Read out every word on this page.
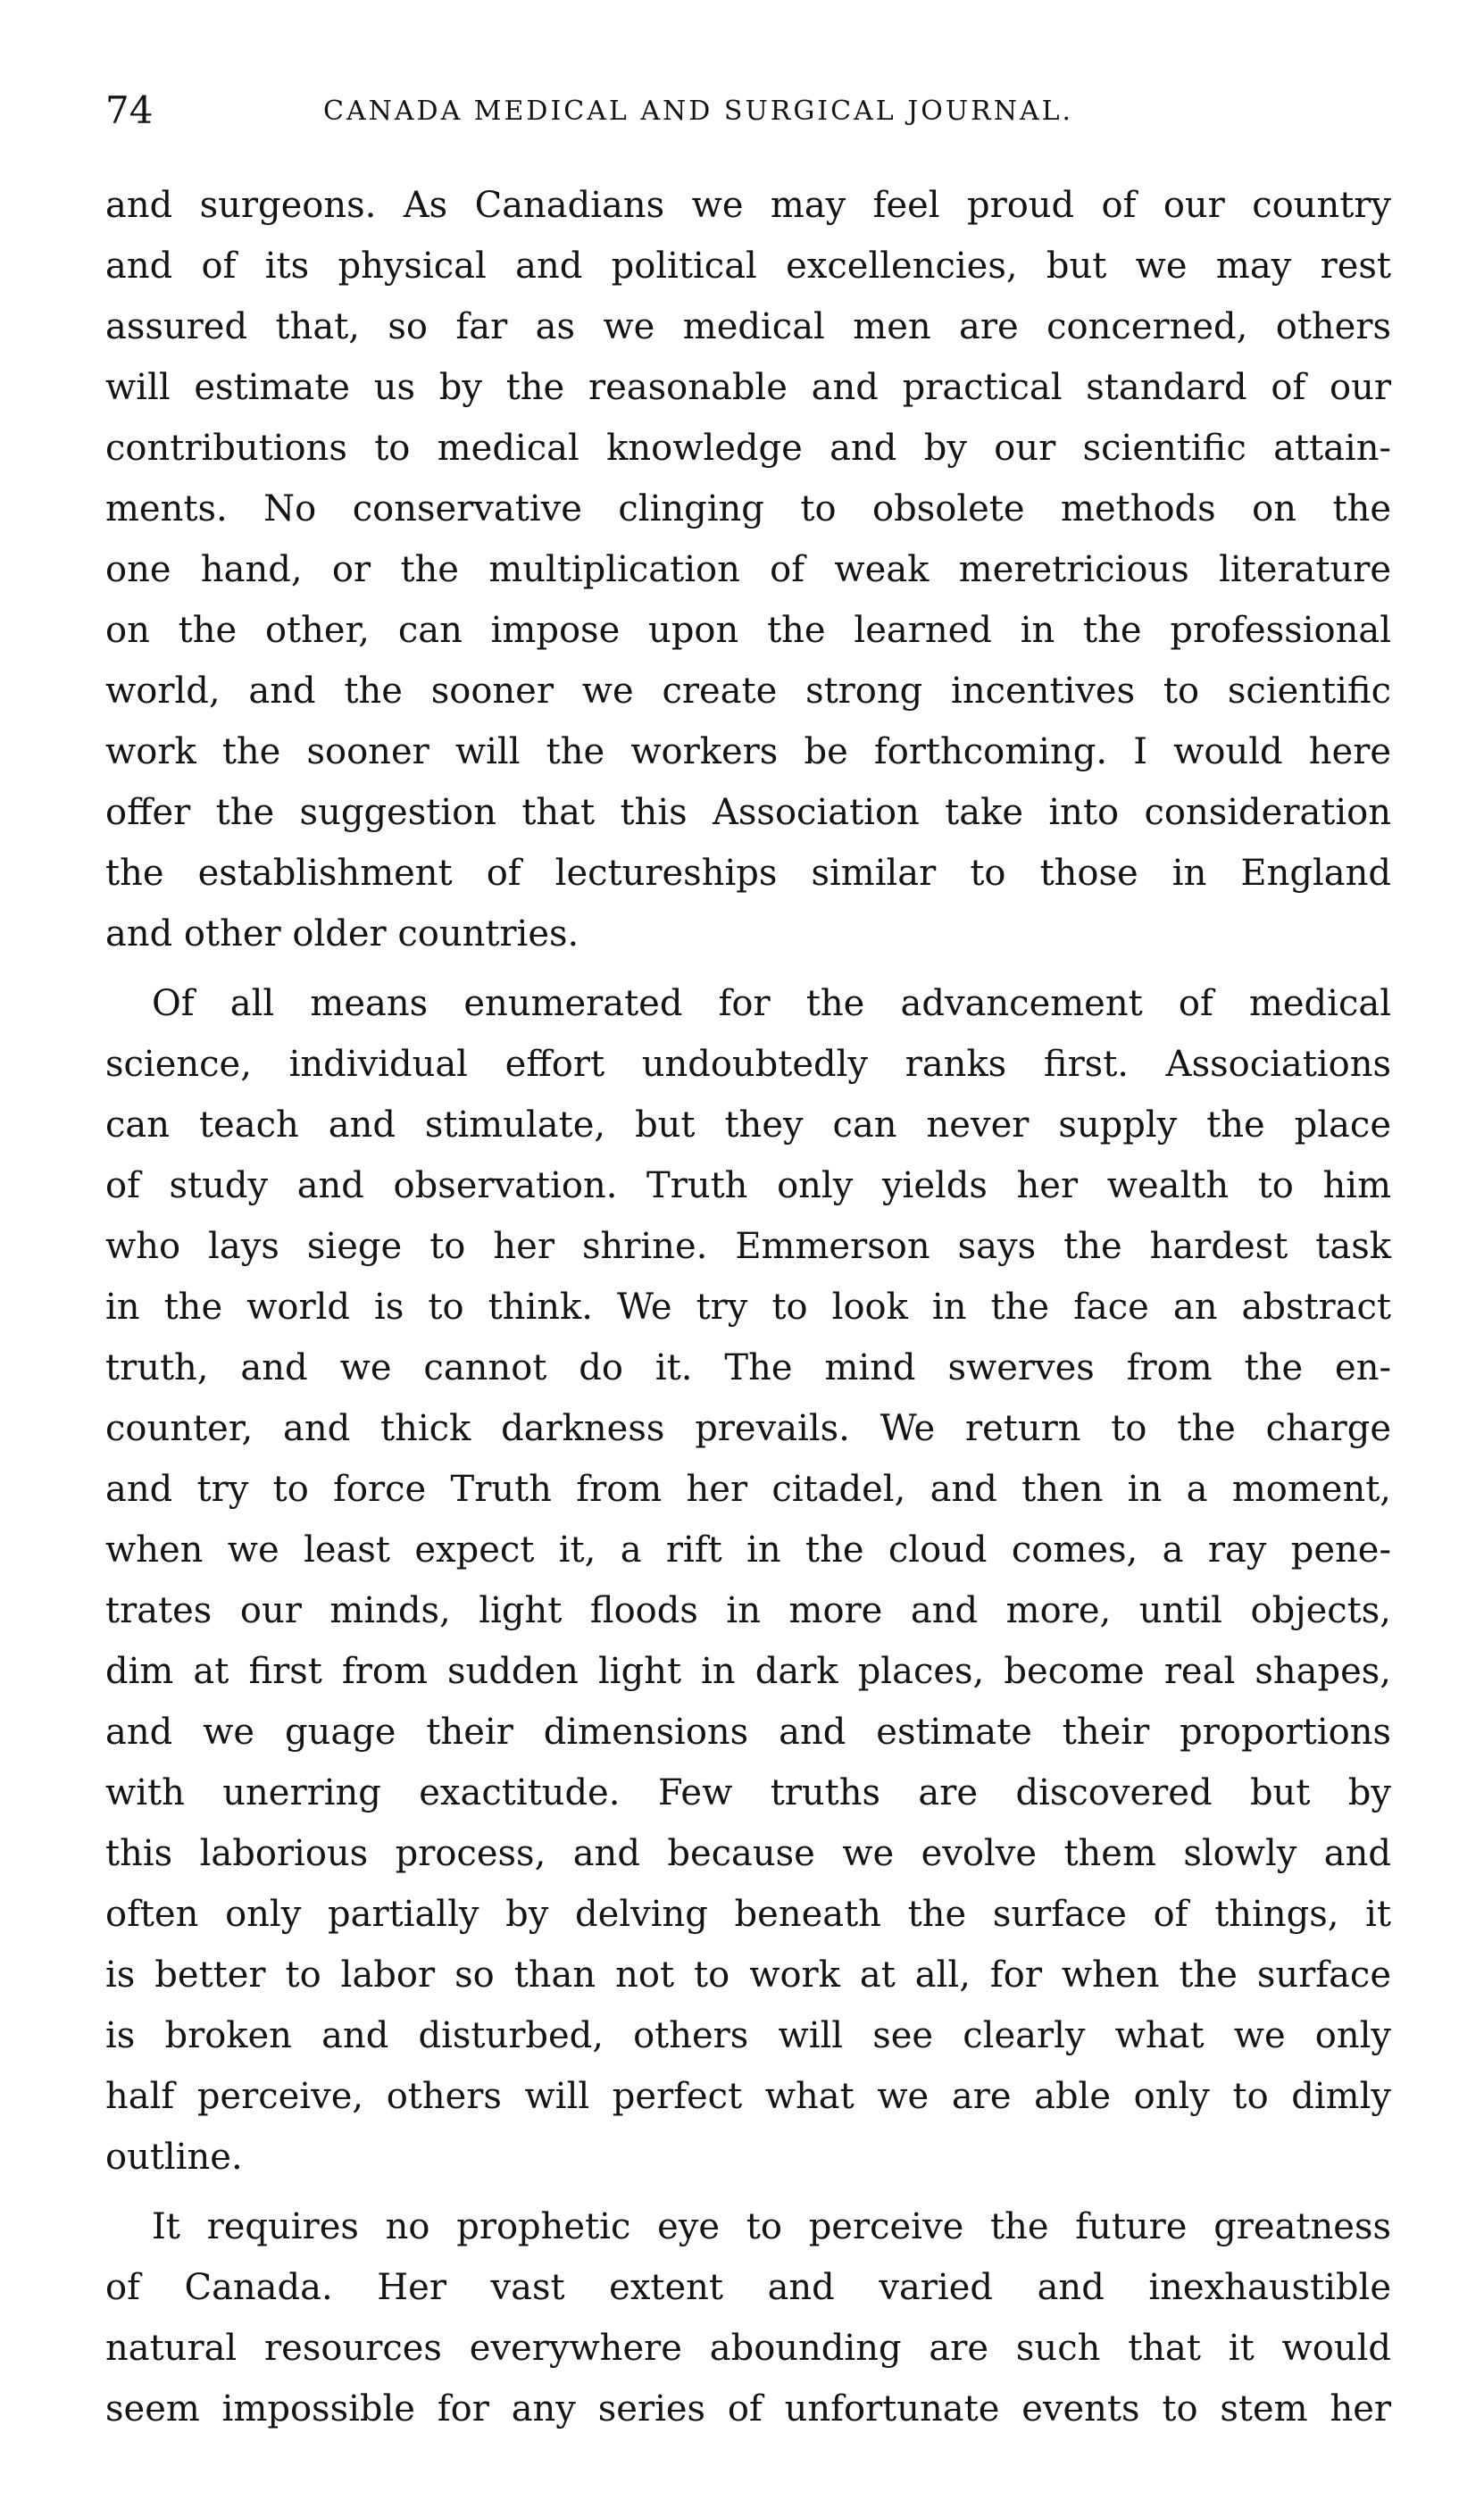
74	CANADA MEDICAL AND SURGICAL JOURNAL.
and surgeons. As Canadians we may feel proud of our country
and of its physical and political excellencies, but we may rest
assured that, so far as we medical men are concerned, others
will estimate us by the reasonable and practical standard of our
contributions to medical knowledge and by our scientific attain-
ments. No conservative clinging to obsolete methods on the
one hand, or the multiplication of weak meretricious literature
on the other, can impose upon the learned in the professional
world, and the sooner we create strong incentives to scientific
work the sooner will the workers be forthcoming. I would here
offer the suggestion that this Association take into consideration
the establishment of lectureships similar to those in England
and other older countries.
Of all means enumerated for the advancement of medical
science, individual effort undoubtedly ranks first. Associations
can teach and stimulate, but they can never supply the place
of study and observation. Truth only yields her wealth to him
who lays siege to her shrine. Emmerson says the hardest task
in the world is to think. We try to look in the face an abstract
truth, and we cannot do it. The mind swerves from the en-
counter, and thick darkness prevails. We return to the charge
and try to force Truth from her citadel, and then in a moment,
when we least expect it, a rift in the cloud comes, a ray pene-
trates our minds, light floods in more and more, until objects,
dim at first from sudden light in dark places, become real shapes,
and we guage their dimensions and estimate their proportions
with unerring exactitude. Few truths are discovered but by
this laborious process, and because we evolve them slowly and
often only partially by delving beneath the surface of things, it
is better to labor so than not to work at all, for when the surface
is broken and disturbed, others will see clearly what we only
half perceive, others will perfect what we are able only to dimly
outline.
It requires no prophetic eye to perceive the future greatness
of Canada. Her vast extent and varied and inexhaustible
natural resources everywhere abounding are such that it would
seem impossible for any series of unfortunate events to stem her
